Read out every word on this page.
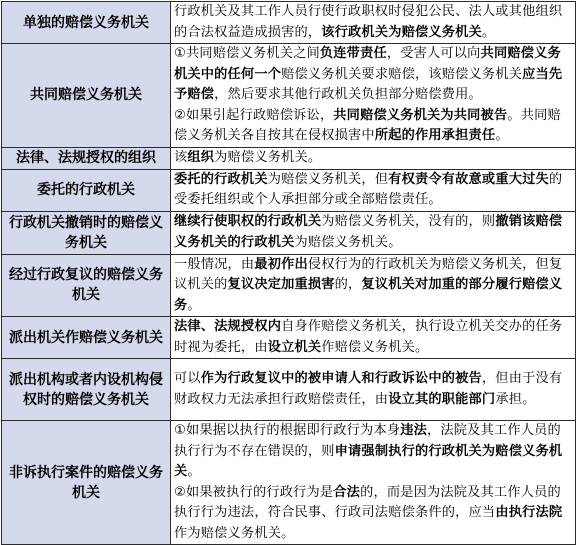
单独的赔偿义务机关	行政机关及其工作人员行使行政职权时侵犯公民、法人或其他组织的合法权益造成损害的，该行政机关为赔偿义务机关。

共同赔偿义务机关	①共同赔偿义务机关之间负连带责任，受害人可以向共同赔偿义务机关中的任何一个赔偿义务机关要求赔偿，该赔偿义务机关应当先予赔偿，然后要求其他行政机关负担部分赔偿费用。
②如果引起行政赔偿诉讼，共同赔偿义务机关为共同被告。共同赔偿义务机关各自按其在侵权损害中所起的作用承担责任。

法律、法规授权的组织	该组织为赔偿义务机关。

委托的行政机关	委托的行政机关为赔偿义务机关，但有权责令有故意或重大过失的受委托组织或个人承担部分或全部赔偿责任。

行政机关撤销时的赔偿义务机关	继续行使职权的行政机关为赔偿义务机关，没有的，则撤销该赔偿义务机关的行政机关为赔偿义务机关。

经过行政复议的赔偿义务机关	一般情况，由最初作出侵权行为的行政机关为赔偿义务机关，但复议机关的复议决定加重损害的，复议机关对加重的部分履行赔偿义务。

派出机关作赔偿义务机关	法律、法规授权内自身作赔偿义务机关，执行设立机关交办的任务时视为委托，由设立机关作赔偿义务机关。

派出机构或者内设机构侵权时的赔偿义务机关	可以作为行政复议中的被申请人和行政诉讼中的被告，但由于没有财政权力无法承担行政赔偿责任，由设立其的职能部门承担。

非诉执行案件的赔偿义务机关	①如果据以执行的根据即行政行为本身违法，法院及其工作人员的执行行为不存在错误的，则申请强制执行的行政机关为赔偿义务机关。
②如果被执行的行政行为是合法的，而是因为法院及其工作人员的执行行为违法，符合民事、行政司法赔偿条件的，应当由执行法院作为赔偿义务机关。
